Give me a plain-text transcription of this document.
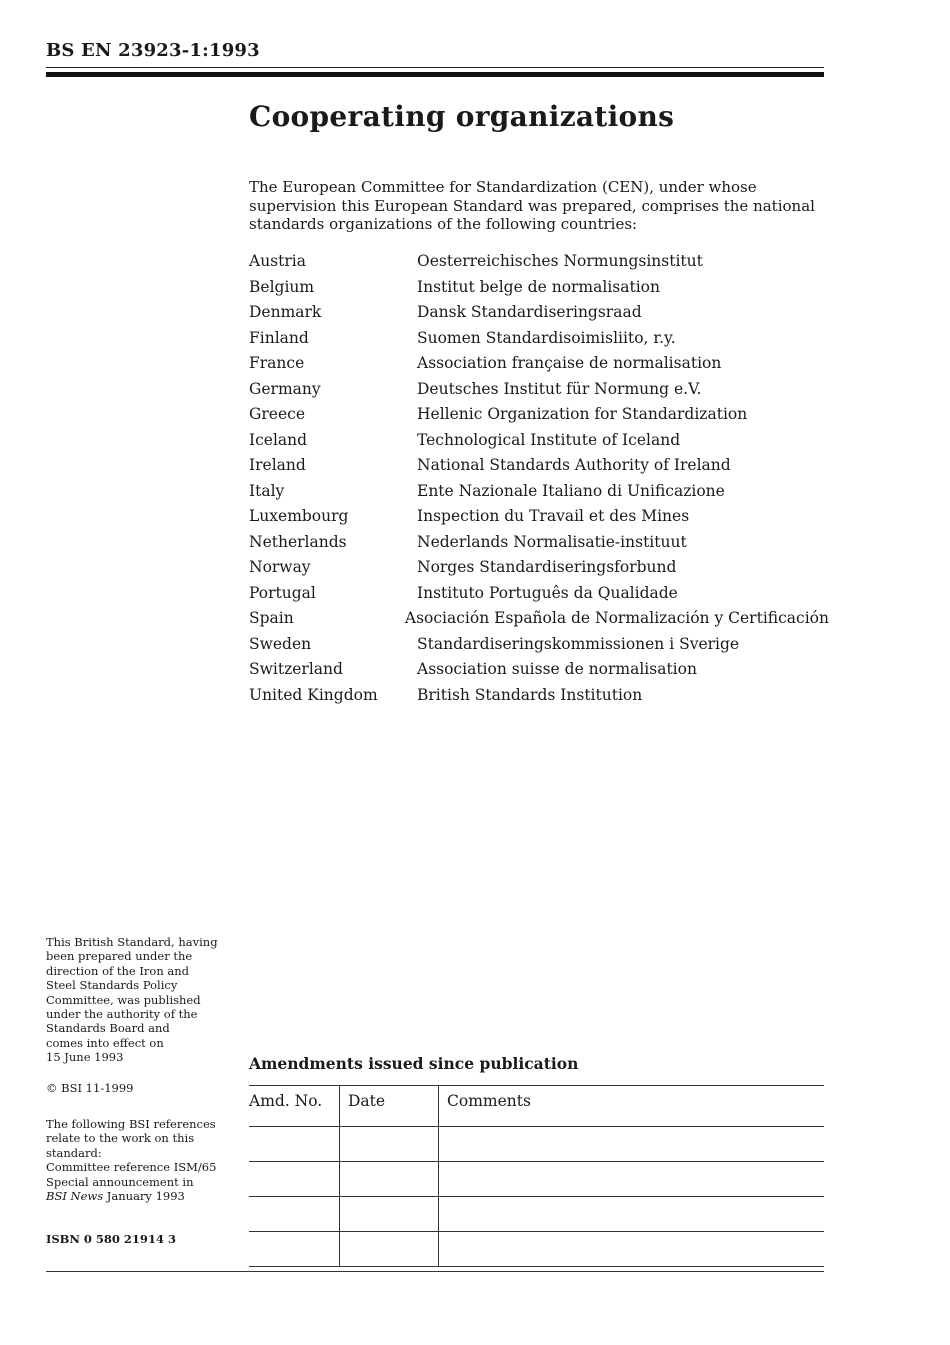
BS EN 23923-1:1993
Cooperating organizations
The European Committee for Standardization (CEN), under whose supervision this European Standard was prepared, comprises the national standards organizations of the following countries:
Austria	Oesterreichisches Normungsinstitut
Belgium	Institut belge de normalisation
Denmark	Dansk Standardiseringsraad
Finland	Suomen Standardisoimisliito, r.y.
France	Association française de normalisation
Germany	Deutsches Institut für Normung e.V.
Greece	Hellenic Organization for Standardization
Iceland	Technological Institute of Iceland
Ireland	National Standards Authority of Ireland
Italy	Ente Nazionale Italiano di Unificazione
Luxembourg	Inspection du Travail et des Mines
Netherlands	Nederlands Normalisatie-instituut
Norway	Norges Standardiseringsforbund
Portugal	Instituto Português da Qualidade
Spain	Asociación Española de Normalización y Certificación
Sweden	Standardiseringskommissionen i Sverige
Switzerland	Association suisse de normalisation
United Kingdom	British Standards Institution

This British Standard, having
been prepared under the
direction of the Iron and
Steel Standards Policy
Committee, was published
under the authority of the
Standards Board and
comes into effect on
15 June 1993

© BSI 11-1999

The following BSI references
relate to the work on this
standard:
Committee reference ISM/65
Special announcement in
BSI News January 1993

ISBN 0 580 21914 3

Amendments issued since publication
Amd. No.	Date	Comments
